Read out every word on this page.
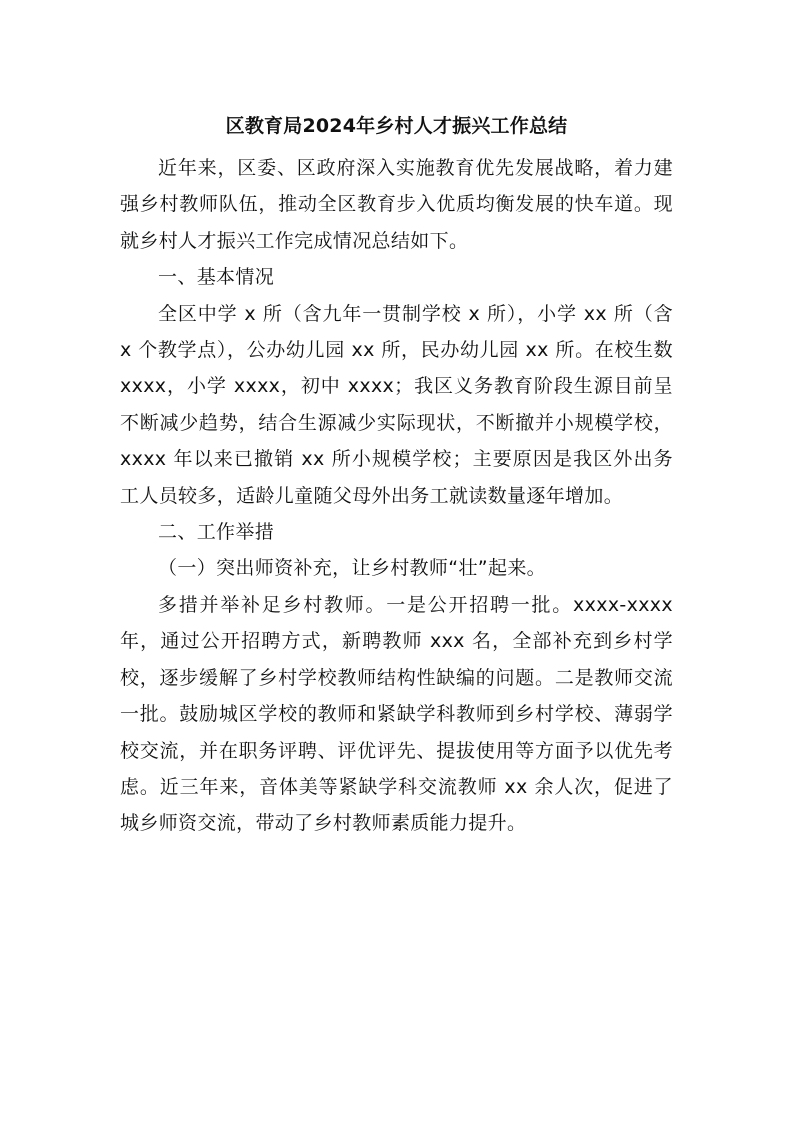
区教育局2024年乡村人才振兴工作总结

近年来，区委、区政府深入实施教育优先发展战略，着力建强乡村教师队伍，推动全区教育步入优质均衡发展的快车道。现就乡村人才振兴工作完成情况总结如下。

一、基本情况

全区中学 x 所（含九年一贯制学校 x 所），小学 xx 所（含 x 个教学点），公办幼儿园 xx 所，民办幼儿园 xx 所。在校生数 xxxx，小学 xxxx，初中 xxxx；我区义务教育阶段生源目前呈不断减少趋势，结合生源减少实际现状，不断撤并小规模学校，xxxx 年以来已撤销 xx 所小规模学校；主要原因是我区外出务工人员较多，适龄儿童随父母外出务工就读数量逐年增加。

二、工作举措

（一）突出师资补充，让乡村教师“壮”起来。

多措并举补足乡村教师。一是公开招聘一批。xxxx-xxxx 年，通过公开招聘方式，新聘教师 xxx 名，全部补充到乡村学校，逐步缓解了乡村学校教师结构性缺编的问题。二是教师交流一批。鼓励城区学校的教师和紧缺学科教师到乡村学校、薄弱学校交流，并在职务评聘、评优评先、提拔使用等方面予以优先考虑。近三年来，音体美等紧缺学科交流教师 xx 余人次，促进了城乡师资交流，带动了乡村教师素质能力提升。
